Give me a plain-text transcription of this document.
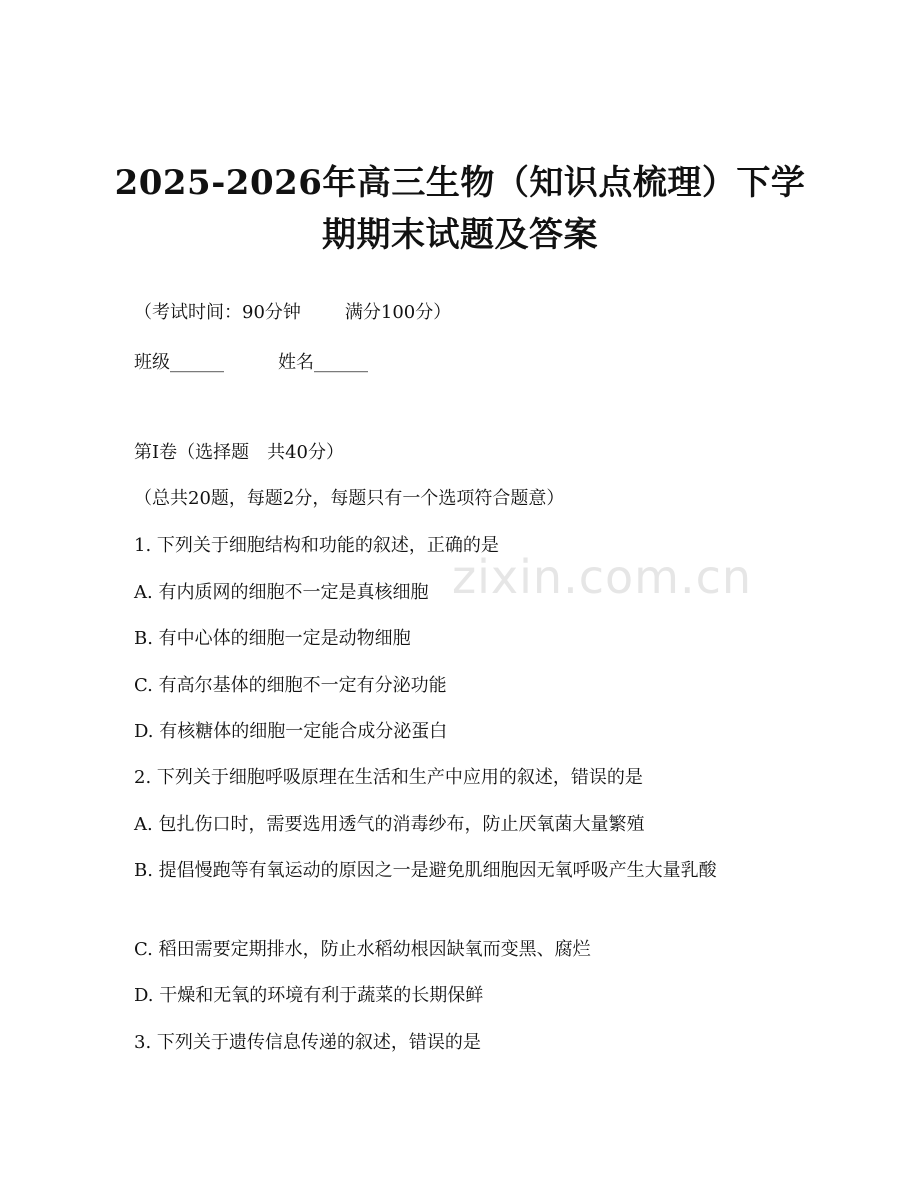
zixin.com.cn
2025-2026年高三生物（知识点梳理）下学
期期末试题及答案
（考试时间：90分钟 满分100分）
班级______	姓名______
第I卷（选择题　共40分）
（总共20题，每题2分，每题只有一个选项符合题意）
1. 下列关于细胞结构和功能的叙述，正确的是
A. 有内质网的细胞不一定是真核细胞
B. 有中心体的细胞一定是动物细胞
C. 有高尔基体的细胞不一定有分泌功能
D. 有核糖体的细胞一定能合成分泌蛋白
2. 下列关于细胞呼吸原理在生活和生产中应用的叙述，错误的是
A. 包扎伤口时，需要选用透气的消毒纱布，防止厌氧菌大量繁殖
B. 提倡慢跑等有氧运动的原因之一是避免肌细胞因无氧呼吸产生大量乳酸
C. 稻田需要定期排水，防止水稻幼根因缺氧而变黑、腐烂
D. 干燥和无氧的环境有利于蔬菜的长期保鲜
3. 下列关于遗传信息传递的叙述，错误的是
